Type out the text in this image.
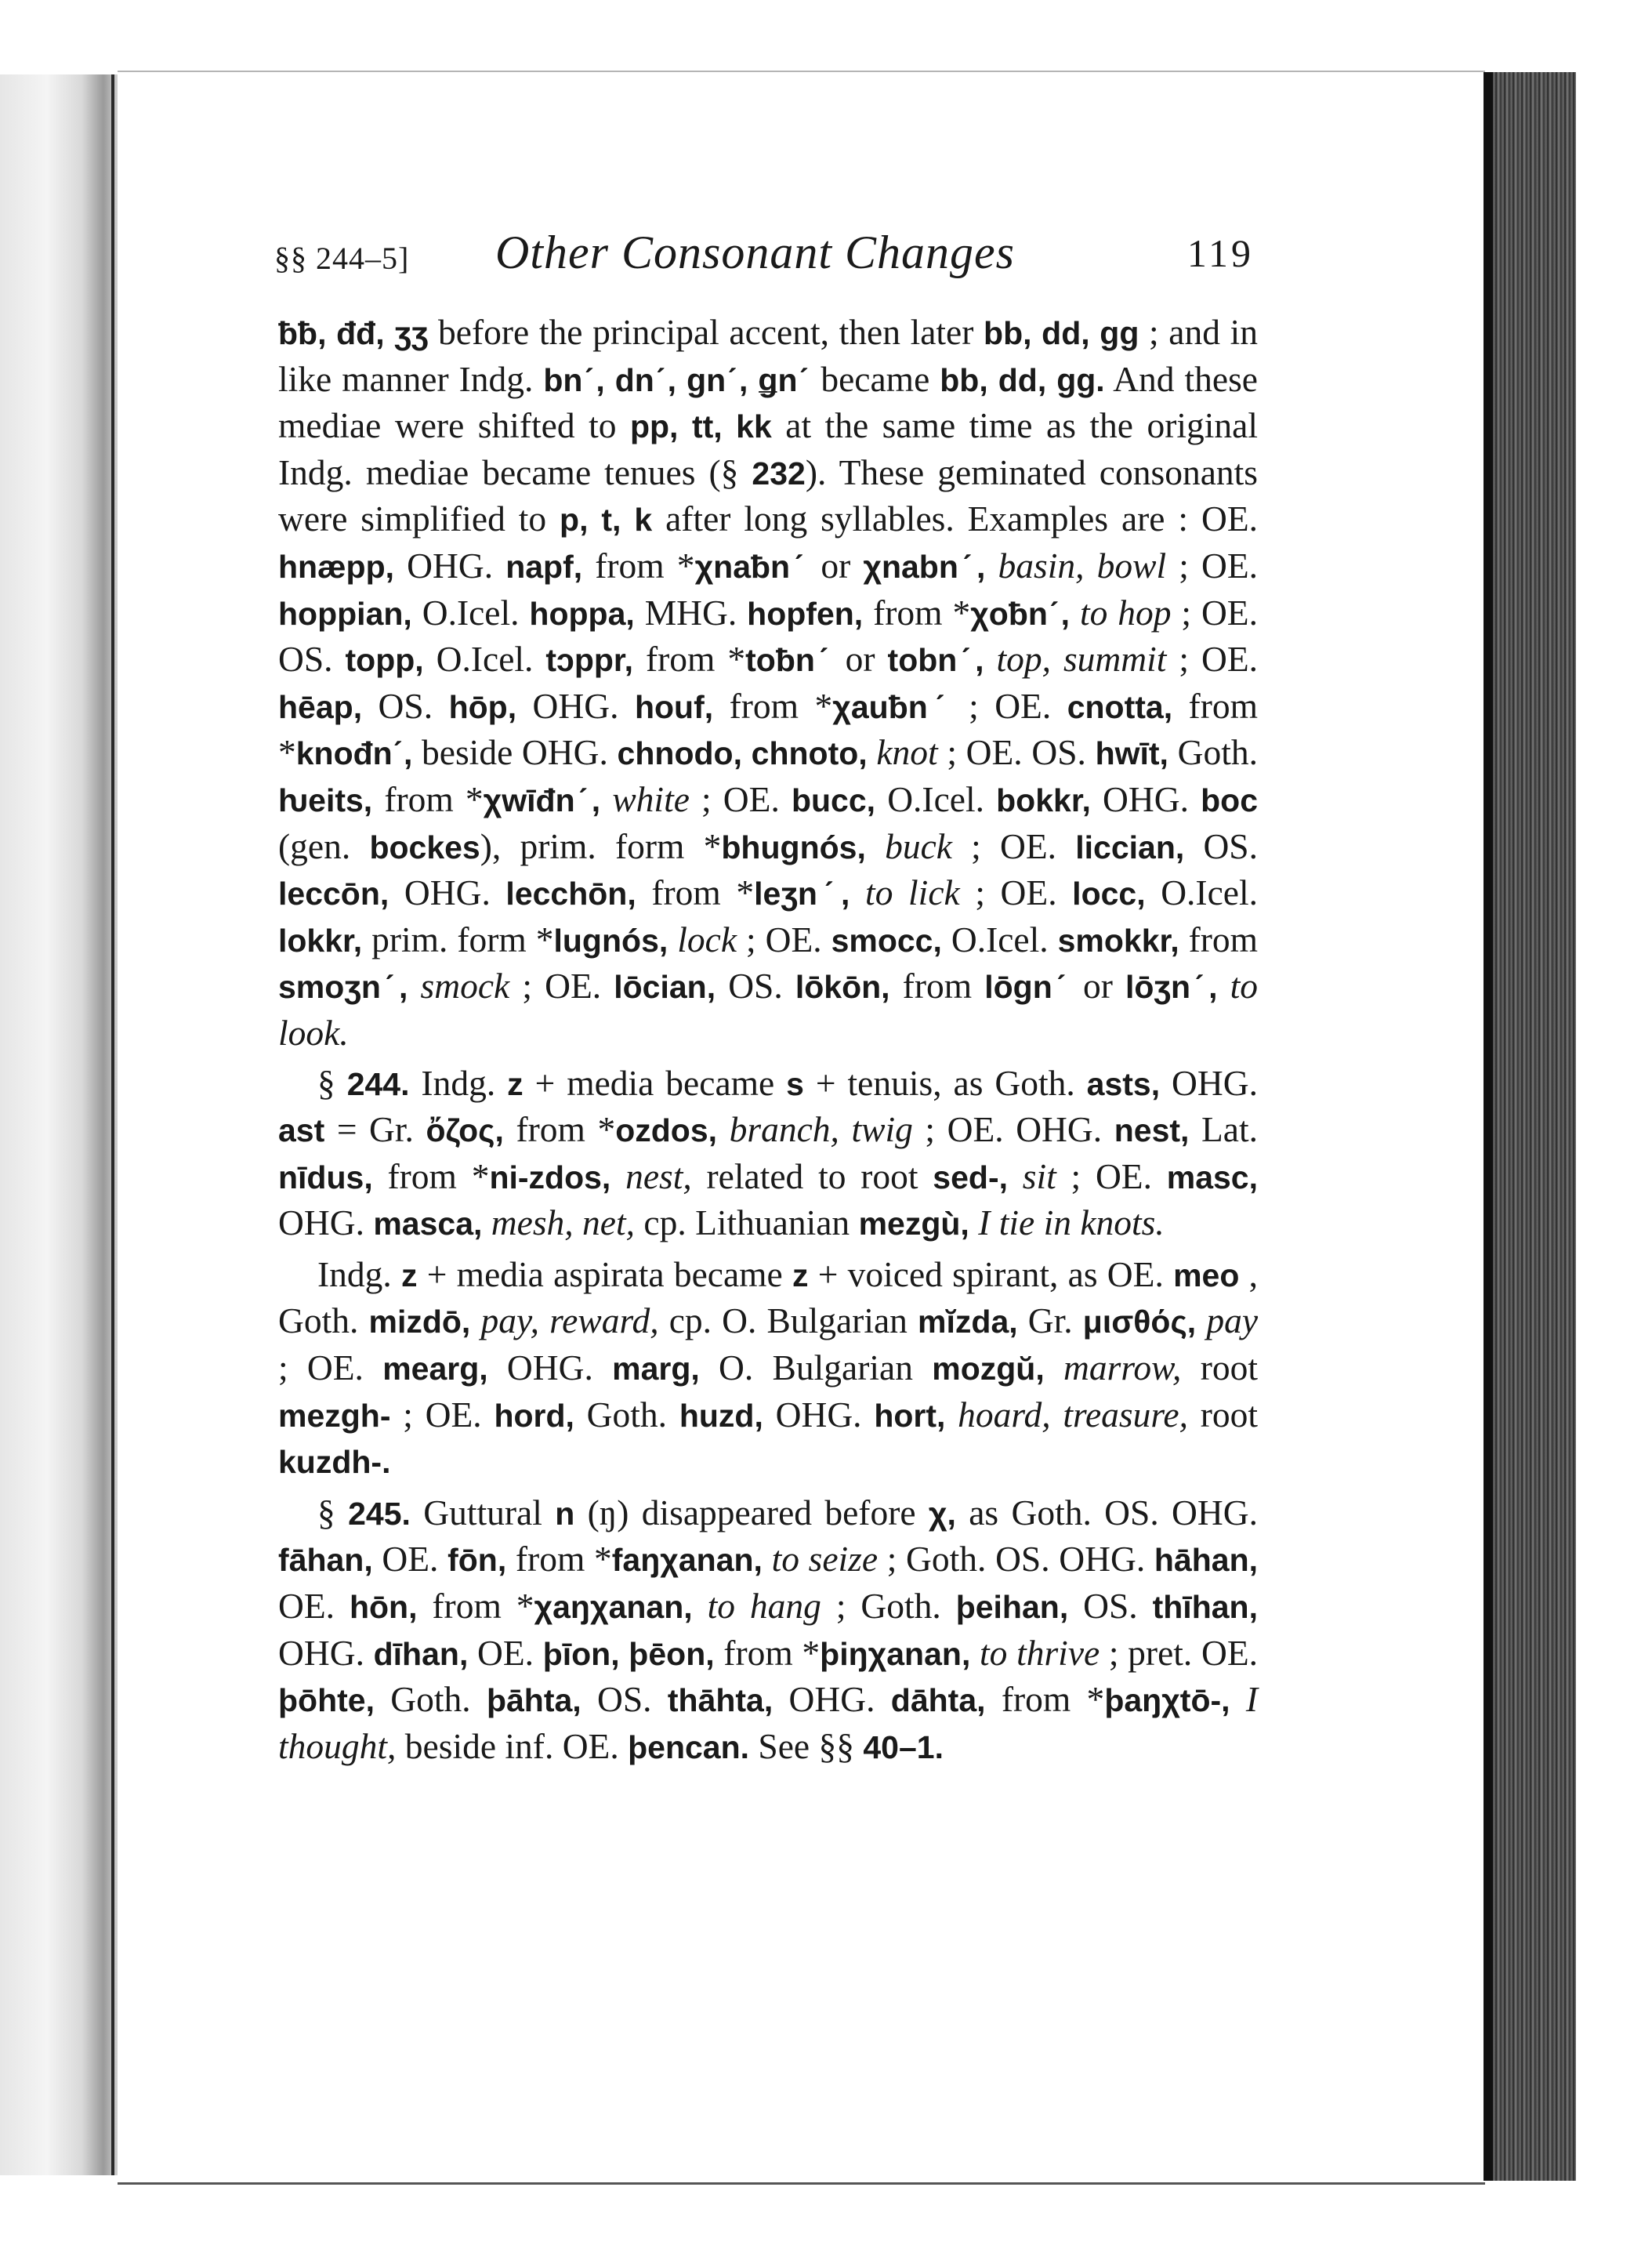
§§ 244–5] Other Consonant Changes	119

ƀƀ, đđ, ʒʒ before the principal accent, then later bb, dd, gg ; and in like manner Indg. bnˊ, dnˊ, gnˊ, ǥnˊ became bb, dd, gg. And these mediae were shifted to pp, tt, kk at the same time as the original Indg. mediae became tenues (§ 232). These geminated consonants were simplified to p, t, k after long syllables. Examples are : OE. hnæpp, OHG. napf, from *χnaƀnˊ or χnabnˊ, basin, bowl ; OE. hoppian, O.Icel. hoppa, MHG. hopfen, from *χoƀnˊ, to hop ; OE. OS. topp, O.Icel. tɔppr, from *toƀnˊ or tobnˊ, top, summit ; OE. hēap, OS. hōp, OHG. houf, from *χauƀnˊ ; OE. cnotta, from *knođnˊ, beside OHG. chnodo, chnoto, knot ; OE. OS. hwīt, Goth. ƕeits, from *χwīđnˊ, white ; OE. bucc, O.Icel. bokkr, OHG. boc (gen. bockes), prim. form *bhugnós, buck ; OE. liccian, OS. leccōn, OHG. lecchōn, from *leʒnˊ, to lick ; OE. locc, O.Icel. lokkr, prim. form *lugnós, lock ; OE. smocc, O.Icel. smokkr, from smoʒnˊ, smock ; OE. lōcian, OS. lōkōn, from lōgnˊ or lōʒnˊ, to look.

§ 244. Indg. z + media became s + tenuis, as Goth. asts, OHG. ast = Gr. ὄζος, from *ozdos, branch, twig ; OE. OHG. nest, Lat. nīdus, from *ni-zdos, nest, related to root sed-, sit ; OE. masc, OHG. masca, mesh, net, cp. Lithuanian mezgù, I tie in knots.

Indg. z + media aspirata became z + voiced spirant, as OE. meo , Goth. mizdō, pay, reward, cp. O. Bulgarian mĭzda, Gr. μισθός, pay ; OE. mearg, OHG. marg, O. Bulgarian mozgŭ, marrow, root mezgh- ; OE. hord, Goth. huzd, OHG. hort, hoard, treasure, root kuzdh-.

§ 245. Guttural n (ŋ) disappeared before χ, as Goth. OS. OHG. fāhan, OE. fōn, from *faŋχanan, to seize ; Goth. OS. OHG. hāhan, OE. hōn, from *χaŋχanan, to hang ; Goth. þeihan, OS. thīhan, OHG. dīhan, OE. þīon, þēon, from *þiŋχanan, to thrive ; pret. OE. þōhte, Goth. þāhta, OS. thāhta, OHG. dāhta, from *þaŋχtō-, I thought, beside inf. OE. þencan. See §§ 40–1.
